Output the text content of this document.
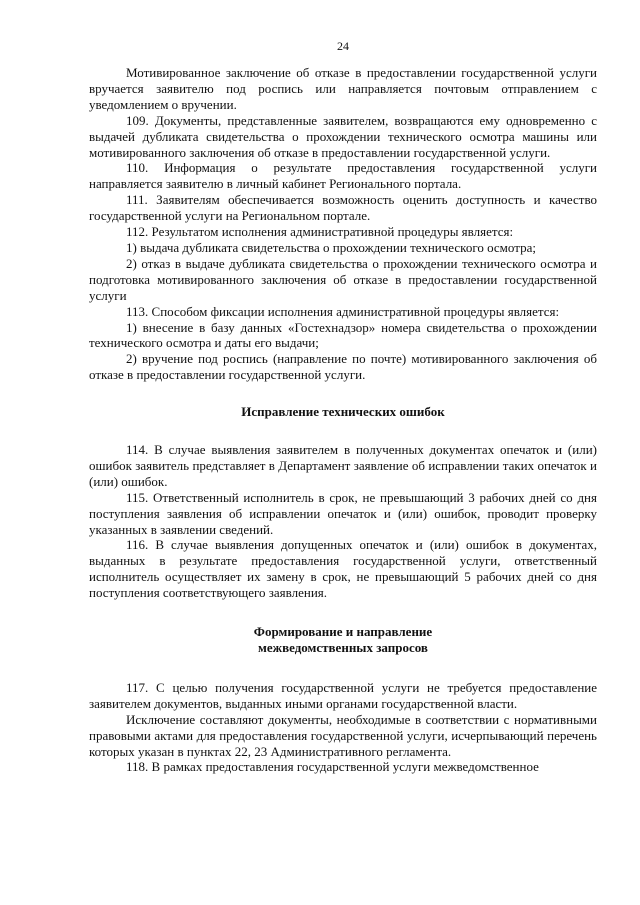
24

Мотивированное заключение об отказе в предоставлении государственной услуги вручается заявителю под роспись или направляется почтовым отправлением с уведомлением о вручении.

109. Документы, представленные заявителем, возвращаются ему одновременно с выдачей дубликата свидетельства о прохождении технического осмотра машины или мотивированного заключения об отказе в предоставлении государственной услуги.

110. Информация о результате предоставления государственной услуги направляется заявителю в личный кабинет Регионального портала.

111. Заявителям обеспечивается возможность оценить доступность и качество государственной услуги на Региональном портале.

112. Результатом исполнения административной процедуры является:

1) выдача дубликата свидетельства о прохождении технического осмотра;

2) отказ в выдаче дубликата свидетельства о прохождении технического осмотра и подготовка мотивированного заключения об отказе в предоставлении государственной услуги

113. Способом фиксации исполнения административной процедуры является:

1) внесение в базу данных «Гостехнадзор» номера свидетельства о прохождении технического осмотра и даты его выдачи;

2) вручение под роспись (направление по почте) мотивированного заключения об отказе в предоставлении государственной услуги.

Исправление технических ошибок

114. В случае выявления заявителем в полученных документах опечаток и (или) ошибок заявитель представляет в Департамент заявление об исправлении таких опечаток и (или) ошибок.

115. Ответственный исполнитель в срок, не превышающий 3 рабочих дней со дня поступления заявления об исправлении опечаток и (или) ошибок, проводит проверку указанных в заявлении сведений.

116. В случае выявления допущенных опечаток и (или) ошибок в документах, выданных в результате предоставления государственной услуги, ответственный исполнитель осуществляет их замену в срок, не превышающий 5 рабочих дней со дня поступления соответствующего заявления.

Формирование и направление
межведомственных запросов

117. С целью получения государственной услуги не требуется предоставление заявителем документов, выданных иными органами государственной власти.

Исключение составляют документы, необходимые в соответствии с нормативными правовыми актами для предоставления государственной услуги, исчерпывающий перечень которых указан в пунктах 22, 23 Административного регламента.

118. В рамках предоставления государственной услуги межведомственное
